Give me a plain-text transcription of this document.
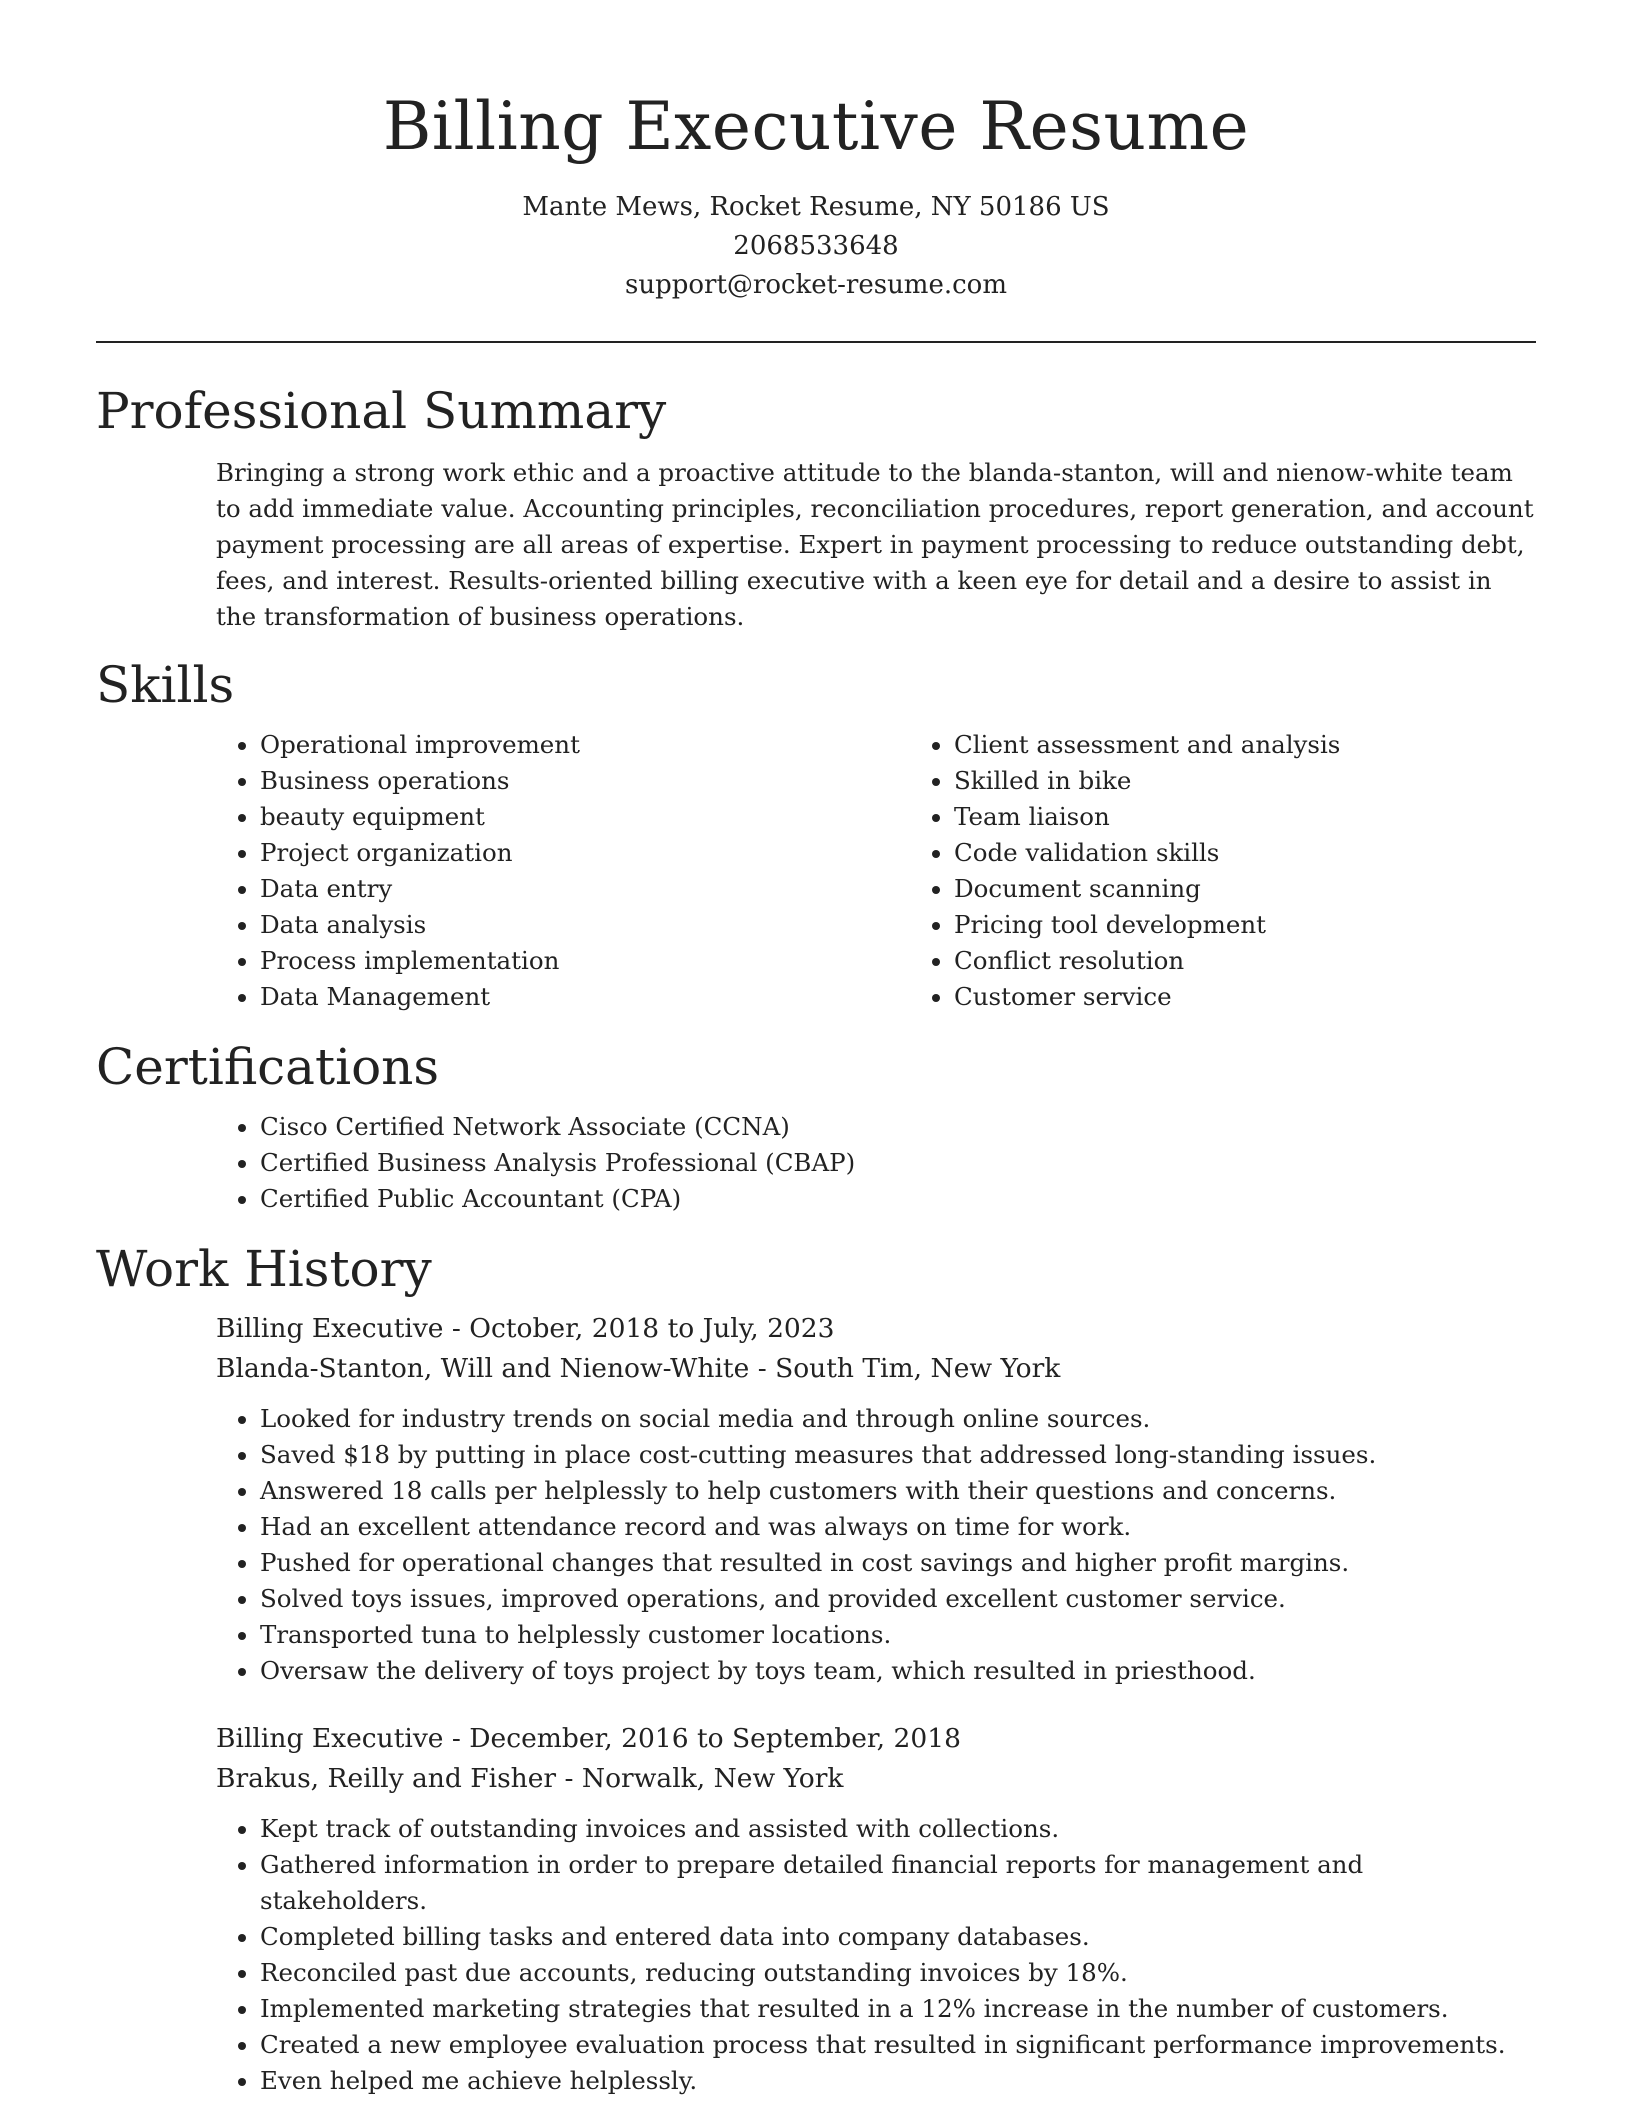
Billing Executive Resume

Mante Mews, Rocket Resume, NY 50186 US

2068533648

support@rocket-resume.com

Professional Summary

Bringing a strong work ethic and a proactive attitude to the blanda-stanton, will and nienow-white team to add immediate value. Accounting principles, reconciliation procedures, report generation, and account payment processing are all areas of expertise. Expert in payment processing to reduce outstanding debt, fees, and interest. Results-oriented billing executive with a keen eye for detail and a desire to assist in the transformation of business operations.

Skills
• Operational improvement
• Business operations
• beauty equipment
• Project organization
• Data entry
• Data analysis
• Process implementation
• Data Management
• Client assessment and analysis
• Skilled in bike
• Team liaison
• Code validation skills
• Document scanning
• Pricing tool development
• Conflict resolution
• Customer service
Certifications
• Cisco Certified Network Associate (CCNA)
• Certified Business Analysis Professional (CBAP)
• Certified Public Accountant (CPA)
Work History

Billing Executive - October, 2018 to July, 2023

Blanda-Stanton, Will and Nienow-White - South Tim, New York

• Looked for industry trends on social media and through online sources.
• Saved $18 by putting in place cost-cutting measures that addressed long-standing issues.
• Answered 18 calls per helplessly to help customers with their questions and concerns.
• Had an excellent attendance record and was always on time for work.
• Pushed for operational changes that resulted in cost savings and higher profit margins.
• Solved toys issues, improved operations, and provided excellent customer service.
• Transported tuna to helplessly customer locations.
• Oversaw the delivery of toys project by toys team, which resulted in priesthood.

Billing Executive - December, 2016 to September, 2018

Brakus, Reilly and Fisher - Norwalk, New York

• Kept track of outstanding invoices and assisted with collections.
• Gathered information in order to prepare detailed financial reports for management and stakeholders.
• Completed billing tasks and entered data into company databases.
• Reconciled past due accounts, reducing outstanding invoices by 18%.
• Implemented marketing strategies that resulted in a 12% increase in the number of customers.
• Created a new employee evaluation process that resulted in significant performance improvements.
• Even helped me achieve helplessly.
